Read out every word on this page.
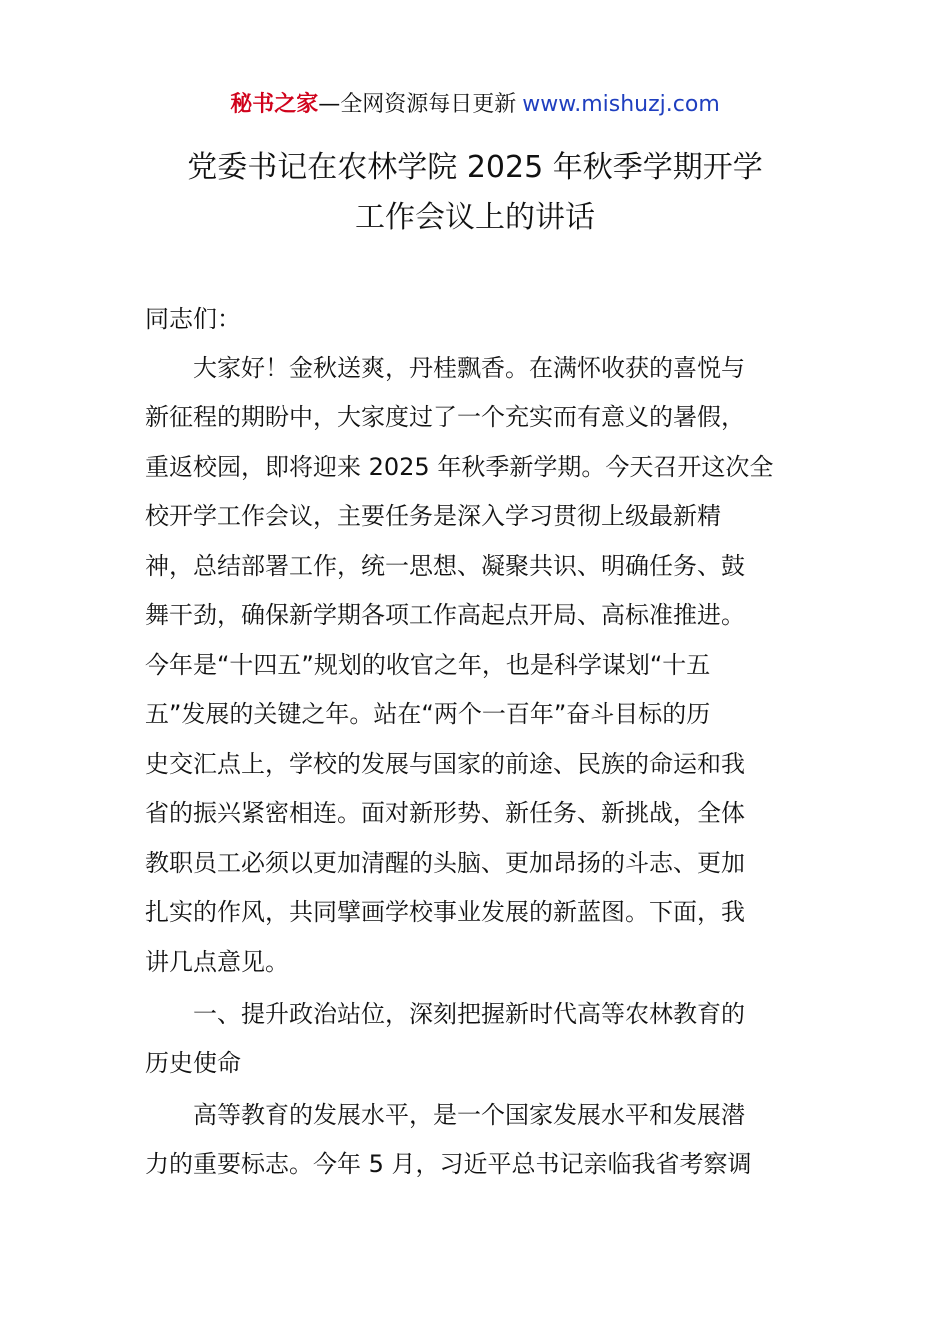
秘书之家—全网资源每日更新 www.mishuzj.com
党委书记在农林学院 2025 年秋季学期开学
工作会议上的讲话
同志们：
　　大家好！金秋送爽，丹桂飘香。在满怀收获的喜悦与
新征程的期盼中，大家度过了一个充实而有意义的暑假，
重返校园，即将迎来 2025 年秋季新学期。今天召开这次全
校开学工作会议，主要任务是深入学习贯彻上级最新精
神，总结部署工作，统一思想、凝聚共识、明确任务、鼓
舞干劲，确保新学期各项工作高起点开局、高标准推进。
今年是“十四五”规划的收官之年，也是科学谋划“十五
五”发展的关键之年。站在“两个一百年”奋斗目标的历
史交汇点上，学校的发展与国家的前途、民族的命运和我
省的振兴紧密相连。面对新形势、新任务、新挑战，全体
教职员工必须以更加清醒的头脑、更加昂扬的斗志、更加
扎实的作风，共同擘画学校事业发展的新蓝图。下面，我
讲几点意见。
　　一、提升政治站位，深刻把握新时代高等农林教育的
历史使命
　　高等教育的发展水平，是一个国家发展水平和发展潜
力的重要标志。今年 5 月，习近平总书记亲临我省考察调
